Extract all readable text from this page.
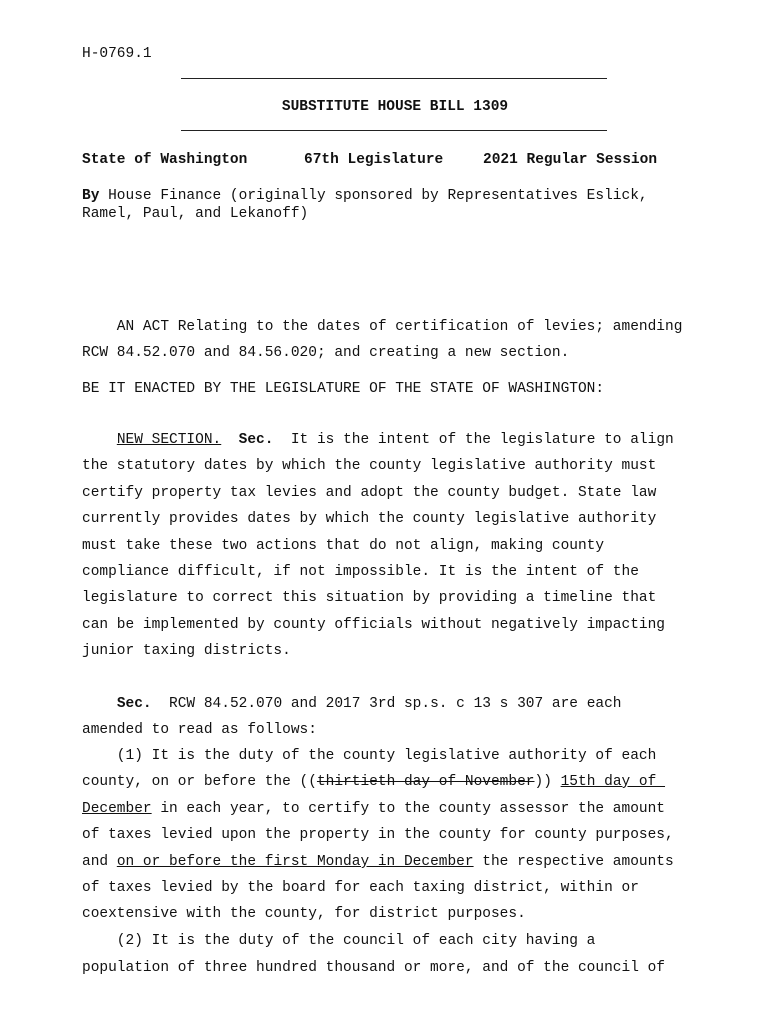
H-0769.1
SUBSTITUTE HOUSE BILL 1309
State of Washington	67th Legislature	2021 Regular Session
By House Finance (originally sponsored by Representatives Eslick,
Ramel, Paul, and Lekanoff)
AN ACT Relating to the dates of certification of levies; amending
RCW 84.52.070 and 84.56.020; and creating a new section.
BE IT ENACTED BY THE LEGISLATURE OF THE STATE OF WASHINGTON:
NEW SECTION. Sec.  It is the intent of the legislature to align
the statutory dates by which the county legislative authority must
certify property tax levies and adopt the county budget. State law
currently provides dates by which the county legislative authority
must take these two actions that do not align, making county
compliance difficult, if not impossible. It is the intent of the
legislature to correct this situation by providing a timeline that
can be implemented by county officials without negatively impacting
junior taxing districts.
Sec.  RCW 84.52.070 and 2017 3rd sp.s. c 13 s 307 are each
amended to read as follows:
(1) It is the duty of the county legislative authority of each
county, on or before the ((thirtieth day of November)) 15th day of
December in each year, to certify to the county assessor the amount
of taxes levied upon the property in the county for county purposes,
and on or before the first Monday in December the respective amounts
of taxes levied by the board for each taxing district, within or
coextensive with the county, for district purposes.
(2) It is the duty of the council of each city having a
population of three hundred thousand or more, and of the council of
